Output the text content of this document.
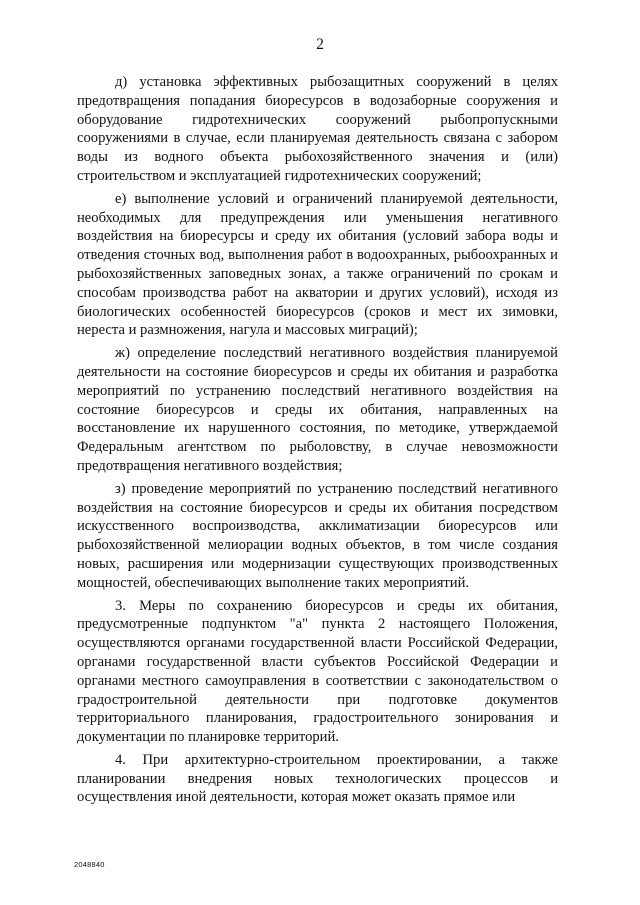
2

д) установка эффективных рыбозащитных сооружений в целях предотвращения попадания биоресурсов в водозаборные сооружения и оборудование гидротехнических сооружений рыбопропускными сооружениями в случае, если планируемая деятельность связана с забором воды из водного объекта рыбохозяйственного значения и (или) строительством и эксплуатацией гидротехнических сооружений;

е) выполнение условий и ограничений планируемой деятельности, необходимых для предупреждения или уменьшения негативного воздействия на биоресурсы и среду их обитания (условий забора воды и отведения сточных вод, выполнения работ в водоохранных, рыбоохранных и рыбохозяйственных заповедных зонах, а также ограничений по срокам и способам производства работ на акватории и других условий), исходя из биологических особенностей биоресурсов (сроков и мест их зимовки, нереста и размножения, нагула и массовых миграций);

ж) определение последствий негативного воздействия планируемой деятельности на состояние биоресурсов и среды их обитания и разработка мероприятий по устранению последствий негативного воздействия на состояние биоресурсов и среды их обитания, направленных на восстановление их нарушенного состояния, по методике, утверждаемой Федеральным агентством по рыболовству, в случае невозможности предотвращения негативного воздействия;

з) проведение мероприятий по устранению последствий негативного воздействия на состояние биоресурсов и среды их обитания посредством искусственного воспроизводства, акклиматизации биоресурсов или рыбохозяйственной мелиорации водных объектов, в том числе создания новых, расширения или модернизации существующих производственных мощностей, обеспечивающих выполнение таких мероприятий.

3. Меры по сохранению биоресурсов и среды их обитания, предусмотренные подпунктом "а" пункта 2 настоящего Положения, осуществляются органами государственной власти Российской Федерации, органами государственной власти субъектов Российской Федерации и органами местного самоуправления в соответствии с законодательством о градостроительной деятельности при подготовке документов территориального планирования, градостроительного зонирования и документации по планировке территорий.

4. При архитектурно-строительном проектировании, а также планировании внедрения новых технологических процессов и осуществления иной деятельности, которая может оказать прямое или

2048840
